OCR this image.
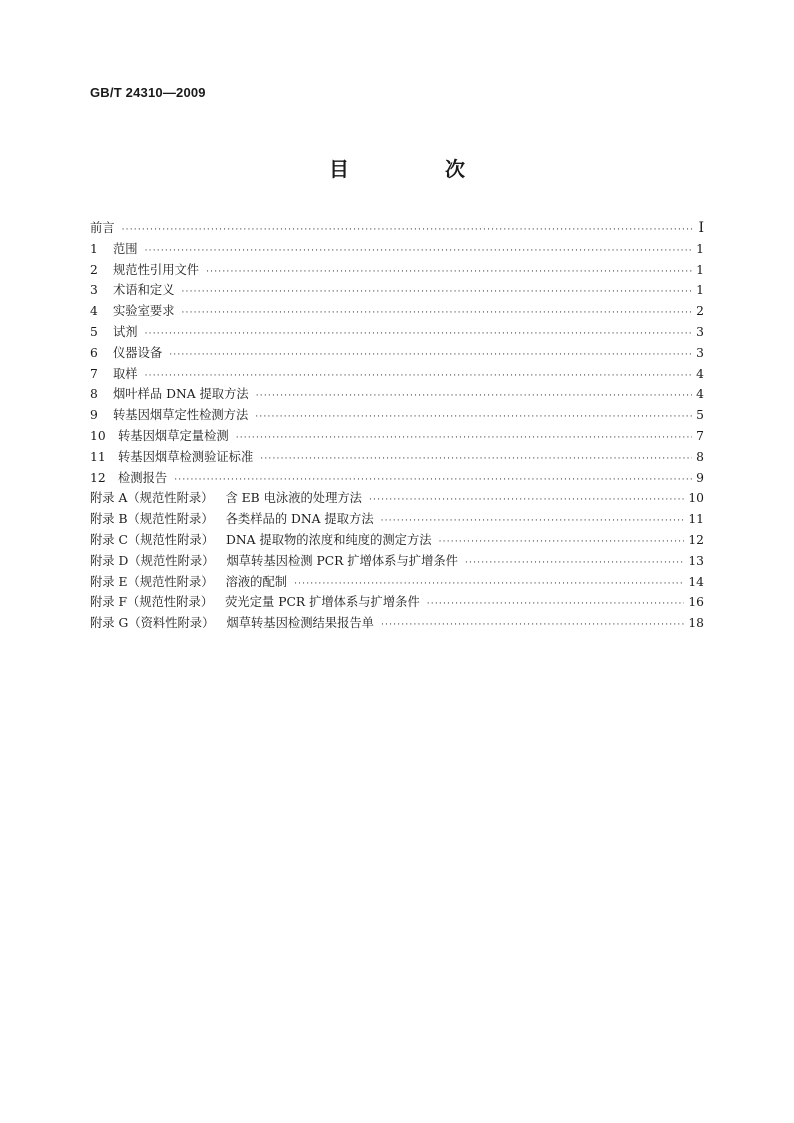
GB/T 24310—2009
目　次
前言 ·····	Ⅰ
1 范围 ·····	1
2 规范性引用文件 ·····	1
3 术语和定义 ·····	1
4 实验室要求 ·····	2
5 试剂 ·····	3
6 仪器设备 ·····	3
7 取样 ·····	4
8 烟叶样品 DNA 提取方法 ·····	4
9 转基因烟草定性检测方法 ·····	5
10 转基因烟草定量检测 ·····	7
11 转基因烟草检测验证标准 ·····	8
12 检测报告 ·····	9
附录 A（规范性附录） 含 EB 电泳液的处理方法 ·····	10
附录 B（规范性附录） 各类样品的 DNA 提取方法 ·····	11
附录 C（规范性附录） DNA 提取物的浓度和纯度的测定方法 ·····	12
附录 D（规范性附录） 烟草转基因检测 PCR 扩增体系与扩增条件 ·····	13
附录 E（规范性附录） 溶液的配制 ·····	14
附录 F（规范性附录） 荧光定量 PCR 扩增体系与扩增条件 ·····	16
附录 G（资料性附录） 烟草转基因检测结果报告单 ·····	18
